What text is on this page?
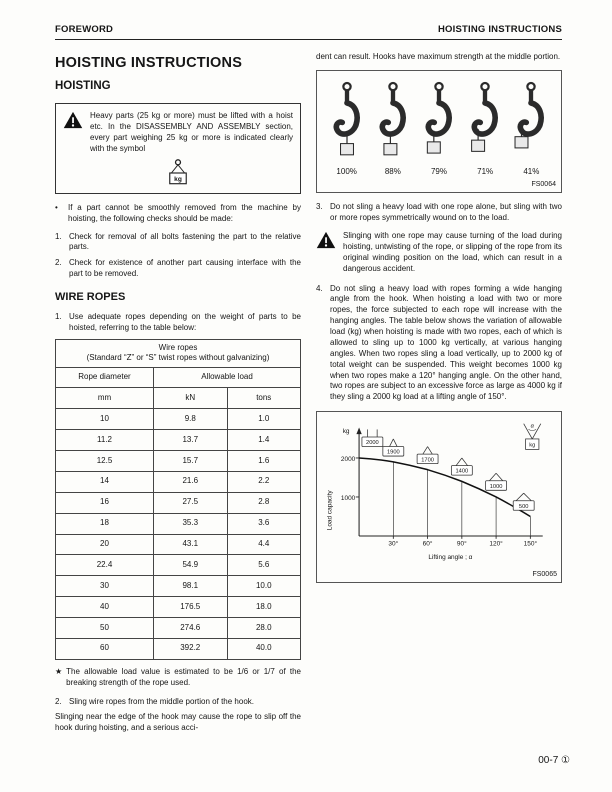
FOREWORD	HOISTING INSTRUCTIONS
HOISTING INSTRUCTIONS
HOISTING

Heavy parts (25 kg or more) must be lifted with a hoist etc. In the DISASSEMBLY AND ASSEMBLY section, every part weighing 25 kg or more is indicated clearly with the symbol

kg
•	If a part cannot be smoothly removed from the machine by hoisting, the following checks should be made:

1. Check for removal of all bolts fastening the part to the relative parts.

2. Check for existence of another part causing interface with the part to be removed.

WIRE ROPES
1. Use adequate ropes depending on the weight of parts to be hoisted, referring to the table below:

Wire ropes
(Standard “Z” or “S” twist ropes without galvanizing)		

Rope diameter	Allowable load	
mm	kN	tons
10	9.8	1.0
11.2	13.7	1.4
12.5	15.7	1.6
14	21.6	2.2
16	27.5	2.8
18	35.3	3.6
20	43.1	4.4
22.4	54.9	5.6
30	98.1	10.0
40	176.5	18.0
50	274.6	28.0
60	392.2	40.0
★ The allowable load value is estimated to be 1/6 or 1/7 of the breaking strength of the rope used.

2. Sling wire ropes from the middle portion of the hook.

Slinging near the edge of the hook may cause the rope to slip off the hook during hoisting, and a serious acci-

dent can result. Hooks have maximum strength at the middle portion.

100%	88%	79%	71%	41%
FS0064
3. Do not sling a heavy load with one rope alone, but sling with two or more ropes symmetrically wound on to the load.

Slinging with one rope may cause turning of the load during hoisting, untwisting of the rope, or slipping of the rope from its original winding position on the load, which can result in a dangerous accident.

4. Do not sling a heavy load with ropes forming a wide hanging angle from the hook. When hoisting a load with two or more ropes, the force subjected to each rope will increase with the hanging angles. The table below shows the variation of allowable load (kg) when hoisting is made with two ropes, each of which is allowed to sling up to 1000 kg vertically, at various hanging angles. When two ropes sling a load vertically, up to 2000 kg of total weight can be suspended. This weight becomes 1000 kg when two ropes make a 120° hanging angle. On the other hand, two ropes are subject to an excessive force as large as 4000 kg if they sling a 2000 kg load at a lifting angle of 150°.

2000
1000
kg
Load capacity
30°	60°	90°	120°	150°
Lifting angle ; α
2000
1900
1700
1400
1000
500
α
kg
FS0065
00-7 ①
